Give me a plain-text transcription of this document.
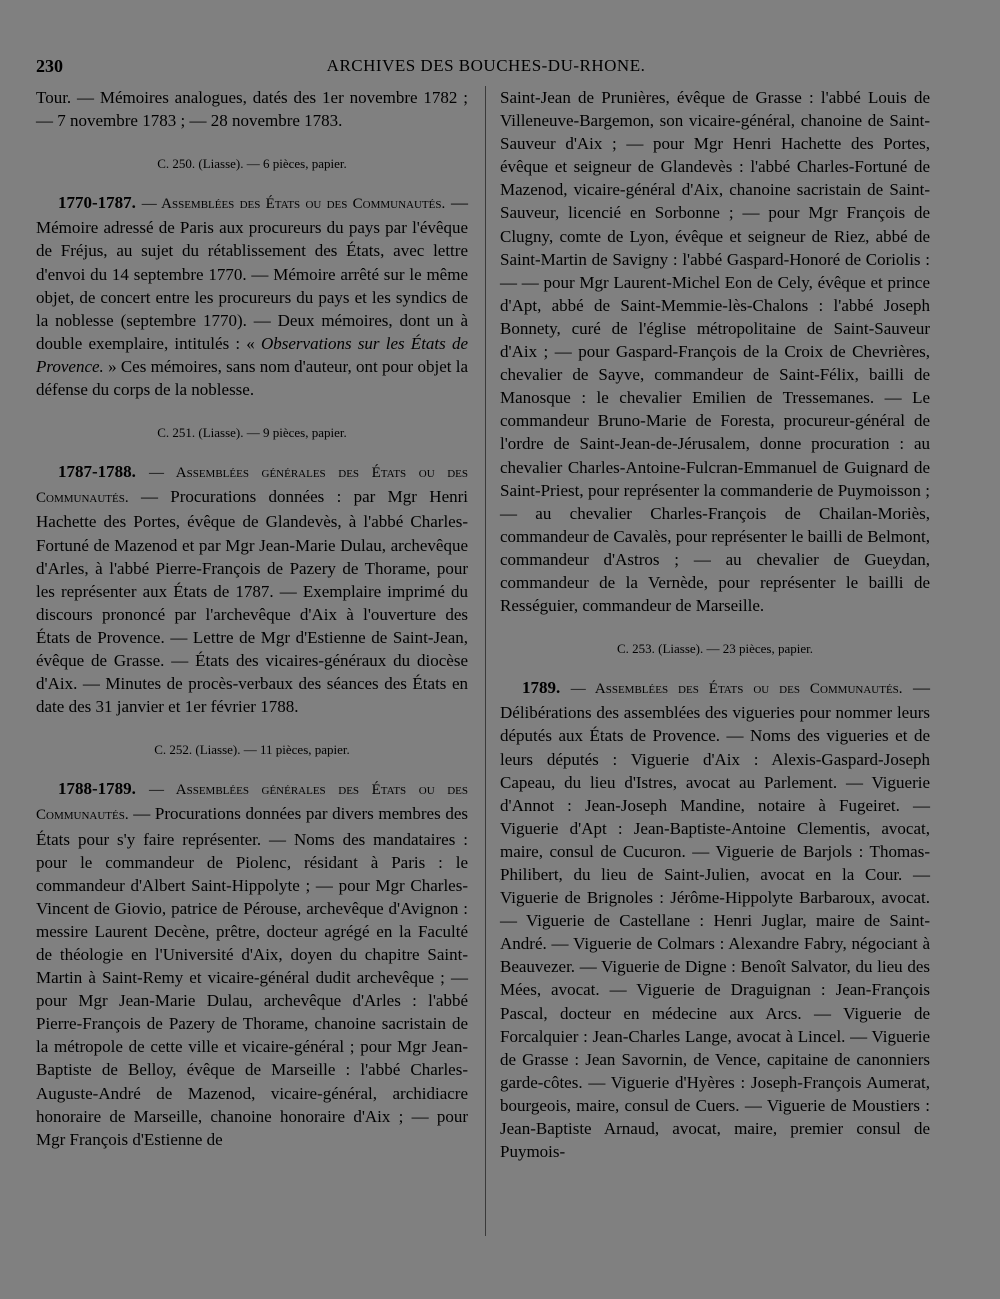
230	ARCHIVES DES BOUCHES-DU-RHONE.

Tour. — Mémoires analogues, datés des 1er novembre 1782 ; — 7 novembre 1783 ; — 28 novembre 1783.

C. 250. (Liasse). — 6 pièces, papier.

1770-1787. — Assemblées des États ou des Communautés. — Mémoire adressé de Paris aux procureurs du pays par l'évêque de Fréjus, au sujet du rétablissement des États, avec lettre d'envoi du 14 septembre 1770. — Mémoire arrêté sur le même objet, de concert entre les procureurs du pays et les syndics de la noblesse (septembre 1770). — Deux mémoires, dont un à double exemplaire, intitulés : « Observations sur les États de Provence. » Ces mémoires, sans nom d'auteur, ont pour objet la défense du corps de la noblesse.

C. 251. (Liasse). — 9 pièces, papier.

1787-1788. — Assemblées générales des États ou des Communautés. — Procurations données : par Mgr Henri Hachette des Portes, évêque de Glandevès, à l'abbé Charles-Fortuné de Mazenod et par Mgr Jean-Marie Dulau, archevêque d'Arles, à l'abbé Pierre-François de Pazery de Thorame, pour les représenter aux États de 1787. — Exemplaire imprimé du discours prononcé par l'archevêque d'Aix à l'ouverture des États de Provence. — Lettre de Mgr d'Estienne de Saint-Jean, évêque de Grasse. — États des vicaires-généraux du diocèse d'Aix. — Minutes de procès-verbaux des séances des États en date des 31 janvier et 1er février 1788.

C. 252. (Liasse). — 11 pièces, papier.

1788-1789. — Assemblées générales des États ou des Communautés. — Procurations données par divers membres des États pour s'y faire représenter. — Noms des mandataires : pour le commandeur de Piolenc, résidant à Paris : le commandeur d'Albert Saint-Hippolyte ; — pour Mgr Charles-Vincent de Giovio, patrice de Pérouse, archevêque d'Avignon : messire Laurent Decène, prêtre, docteur agrégé en la Faculté de théologie en l'Université d'Aix, doyen du chapitre Saint-Martin à Saint-Remy et vicaire-général dudit archevêque ; — pour Mgr Jean-Marie Dulau, archevêque d'Arles : l'abbé Pierre-François de Pazery de Thorame, chanoine sacristain de la métropole de cette ville et vicaire-général ; pour Mgr Jean-Baptiste de Belloy, évêque de Marseille : l'abbé Charles-Auguste-André de Mazenod, vicaire-général, archidiacre honoraire de Marseille, chanoine honoraire d'Aix ; — pour Mgr François d'Estienne de

Saint-Jean de Prunières, évêque de Grasse : l'abbé Louis de Villeneuve-Bargemon, son vicaire-général, chanoine de Saint-Sauveur d'Aix ; — pour Mgr Henri Hachette des Portes, évêque et seigneur de Glandevès : l'abbé Charles-Fortuné de Mazenod, vicaire-général d'Aix, chanoine sacristain de Saint-Sauveur, licencié en Sorbonne ; — pour Mgr François de Clugny, comte de Lyon, évêque et seigneur de Riez, abbé de Saint-Martin de Savigny : l'abbé Gaspard-Honoré de Coriolis : — — pour Mgr Laurent-Michel Eon de Cely, évêque et prince d'Apt, abbé de Saint-Memmie-lès-Chalons : l'abbé Joseph Bonnety, curé de l'église métropolitaine de Saint-Sauveur d'Aix ; — pour Gaspard-François de la Croix de Chevrières, chevalier de Sayve, commandeur de Saint-Félix, bailli de Manosque : le chevalier Emilien de Tressemanes. — Le commandeur Bruno-Marie de Foresta, procureur-général de l'ordre de Saint-Jean-de-Jérusalem, donne procuration : au chevalier Charles-Antoine-Fulcran-Emmanuel de Guignard de Saint-Priest, pour représenter la commanderie de Puymoisson ; — au chevalier Charles-François de Chailan-Moriès, commandeur de Cavalès, pour représenter le bailli de Belmont, commandeur d'Astros ; — au chevalier de Gueydan, commandeur de la Vernède, pour représenter le bailli de Rességuier, commandeur de Marseille.

C. 253. (Liasse). — 23 pièces, papier.

1789. — Assemblées des États ou des Communautés. — Délibérations des assemblées des vigueries pour nommer leurs députés aux États de Provence. — Noms des vigueries et de leurs députés : Viguerie d'Aix : Alexis-Gaspard-Joseph Capeau, du lieu d'Istres, avocat au Parlement. — Viguerie d'Annot : Jean-Joseph Mandine, notaire à Fugeiret. — Viguerie d'Apt : Jean-Baptiste-Antoine Clementis, avocat, maire, consul de Cucuron. — Viguerie de Barjols : Thomas-Philibert, du lieu de Saint-Julien, avocat en la Cour. — Viguerie de Brignoles : Jérôme-Hippolyte Barbaroux, avocat. — Viguerie de Castellane : Henri Juglar, maire de Saint-André. — Viguerie de Colmars : Alexandre Fabry, négociant à Beauvezer. — Viguerie de Digne : Benoît Salvator, du lieu des Mées, avocat. — Viguerie de Draguignan : Jean-François Pascal, docteur en médecine aux Arcs. — Viguerie de Forcalquier : Jean-Charles Lange, avocat à Lincel. — Viguerie de Grasse : Jean Savornin, de Vence, capitaine de canonniers garde-côtes. — Viguerie d'Hyères : Joseph-François Aumerat, bourgeois, maire, consul de Cuers. — Viguerie de Moustiers : Jean-Baptiste Arnaud, avocat, maire, premier consul de Puymois-
